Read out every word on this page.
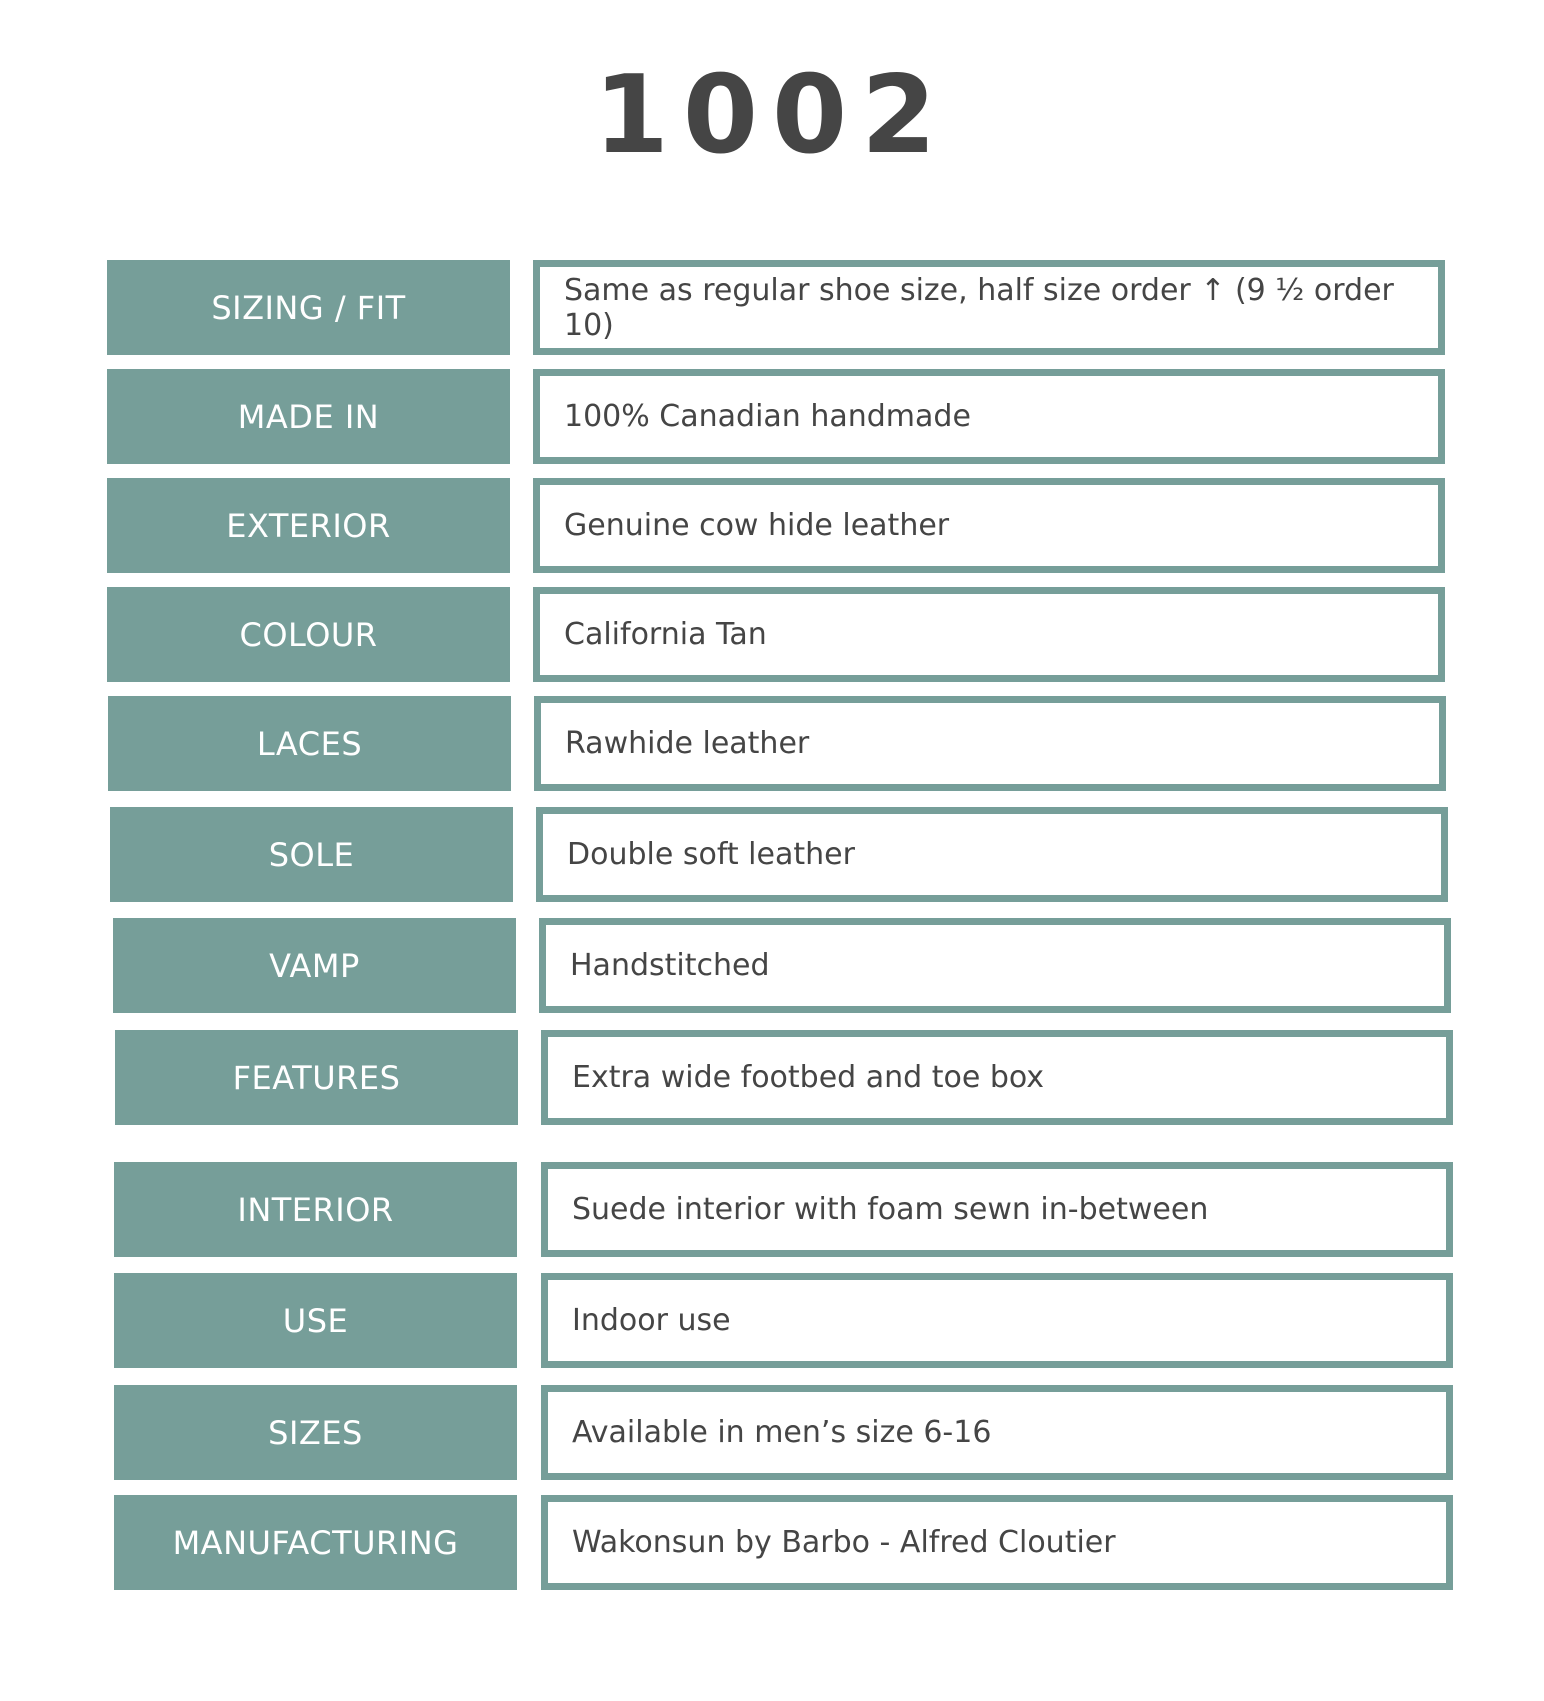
1002
SIZING / FIT	Same as regular shoe size, half size order ↑ (9 ½ order 10)
MADE IN	100% Canadian handmade
EXTERIOR	Genuine cow hide leather
COLOUR	California Tan
LACES	Rawhide leather
SOLE	Double soft leather
VAMP	Handstitched
FEATURES	Extra wide footbed and toe box
INTERIOR	Suede interior with foam sewn in-between
USE	Indoor use
SIZES	Available in men’s size 6-16
MANUFACTURING	Wakonsun by Barbo - Alfred Cloutier
